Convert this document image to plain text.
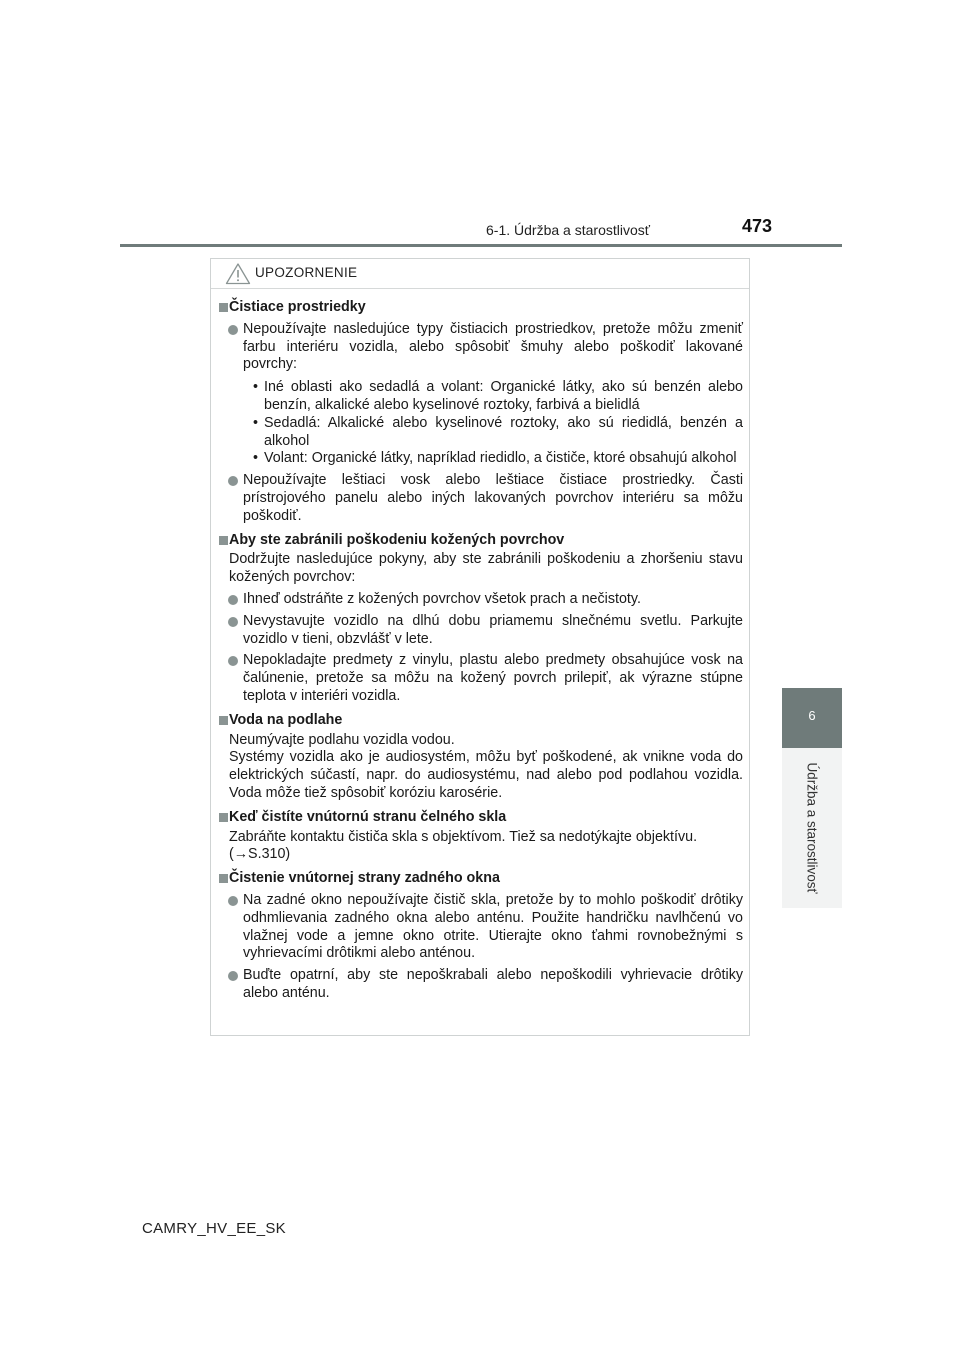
6-1. Údržba a starostlivosť	473
6
Údržba a starostlivosť
UPOZORNENIE
Čistiace prostriedky
Nepoužívajte nasledujúce typy čistiacich prostriedkov, pretože môžu zmeniť farbu interiéru vozidla, alebo spôsobiť šmuhy alebo poškodiť lakované povrchy:
• Iné oblasti ako sedadlá a volant: Organické látky, ako sú benzén alebo benzín, alkalické alebo kyselinové roztoky, farbivá a bielidlá
• Sedadlá: Alkalické alebo kyselinové roztoky, ako sú riedidlá, benzén a alkohol
• Volant: Organické látky, napríklad riedidlo, a čističe, ktoré obsahujú alkohol
Nepoužívajte leštiaci vosk alebo leštiace čistiace prostriedky. Časti prístrojového panelu alebo iných lakovaných povrchov interiéru sa môžu poškodiť.
Aby ste zabránili poškodeniu kožených povrchov
Dodržujte nasledujúce pokyny, aby ste zabránili poškodeniu a zhoršeniu stavu kožených povrchov:
Ihneď odstráňte z kožených povrchov všetok prach a nečistoty.
Nevystavujte vozidlo na dlhú dobu priamemu slnečnému svetlu. Parkujte vozidlo v tieni, obzvlášť v lete.
Nepokladajte predmety z vinylu, plastu alebo predmety obsahujúce vosk na čalúnenie, pretože sa môžu na kožený povrch prilepiť, ak výrazne stúpne teplota v interiéri vozidla.
Voda na podlahe
Neumývajte podlahu vozidla vodou.
Systémy vozidla ako je audiosystém, môžu byť poškodené, ak vnikne voda do elektrických súčastí, napr. do audiosystému, nad alebo pod podlahou vozidla. Voda môže tiež spôsobiť koróziu karosérie.
Keď čistíte vnútornú stranu čelného skla
Zabráňte kontaktu čističa skla s objektívom. Tiež sa nedotýkajte objektívu.
(→S.310)
Čistenie vnútornej strany zadného okna
Na zadné okno nepoužívajte čistič skla, pretože by to mohlo poškodiť drôtiky odhmlievania zadného okna alebo anténu. Použite handričku navlhčenú vo vlažnej vode a jemne okno otrite. Utierajte okno ťahmi rovnobežnými s vyhrievacími drôtikmi alebo anténou.
Buďte opatrní, aby ste nepoškrabali alebo nepoškodili vyhrievacie drôtiky alebo anténu.
CAMRY_HV_EE_SK
